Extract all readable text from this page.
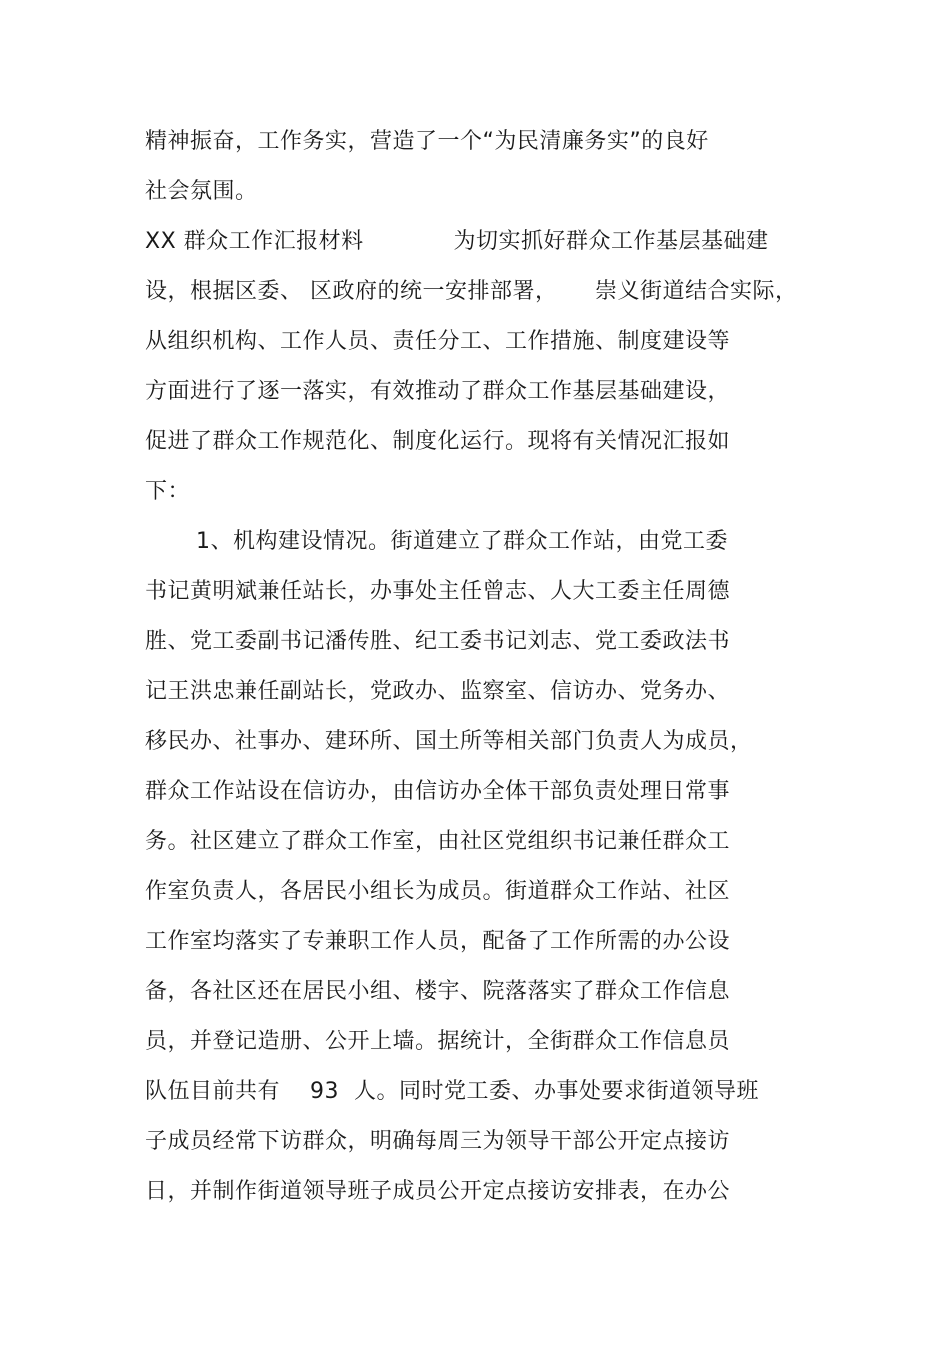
精神振奋，工作务实，营造了一个“为民清廉务实”的良好
社会氛围。
XX 群众工作汇报材料            为切实抓好群众工作基层基础建
设，根据区委、 区政府的统一安排部署，     崇义街道结合实际，
从组织机构、工作人员、责任分工、工作措施、制度建设等
方面进行了逐一落实，有效推动了群众工作基层基础建设，
促进了群众工作规范化、制度化运行。现将有关情况汇报如
下：
1、机构建设情况。街道建立了群众工作站，由党工委
书记黄明斌兼任站长，办事处主任曾志、人大工委主任周德
胜、党工委副书记潘传胜、纪工委书记刘志、党工委政法书
记王洪忠兼任副站长，党政办、监察室、信访办、党务办、
移民办、社事办、建环所、国土所等相关部门负责人为成员，
群众工作站设在信访办，由信访办全体干部负责处理日常事
务。社区建立了群众工作室，由社区党组织书记兼任群众工
作室负责人，各居民小组长为成员。街道群众工作站、社区
工作室均落实了专兼职工作人员，配备了工作所需的办公设
备，各社区还在居民小组、楼宇、院落落实了群众工作信息
员，并登记造册、公开上墙。据统计，全街群众工作信息员
队伍目前共有    93  人。同时党工委、办事处要求街道领导班
子成员经常下访群众，明确每周三为领导干部公开定点接访
日，并制作街道领导班子成员公开定点接访安排表，在办公
